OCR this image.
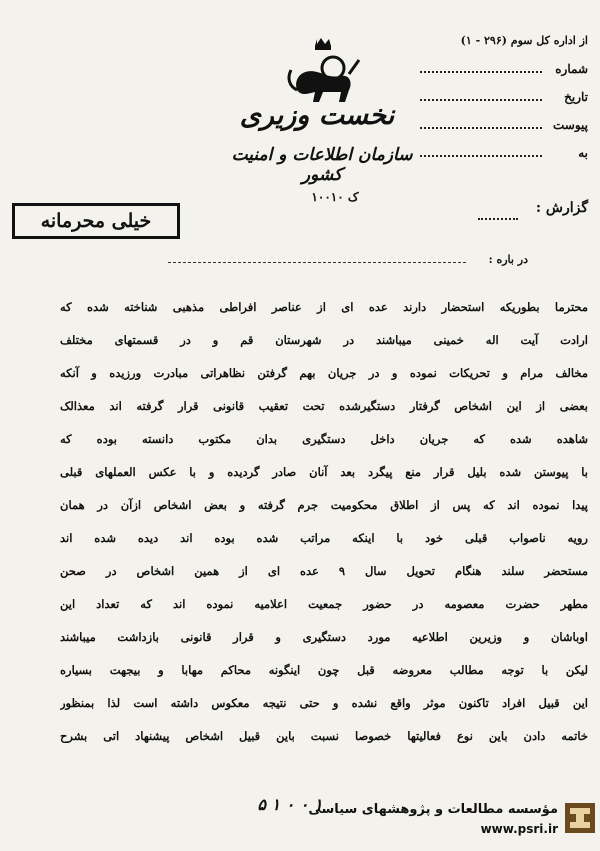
از اداره کل سوم (۲۹۶ - ۱)
شماره
تاریخ
پیوست
به
نخست وزیری
سازمان اطلاعات و امنیت کشور
۱۰۰۱۰ ک
خیلی محرمانه
گزارش :
در باره :
محترما بطوریکه استحضار دارند عده ای از عناصر افراطی مذهبی شناخته شده که
ارادت آیت اله خمینی میباشند در شهرستان قم و در قسمتهای مختلف
مخالف مرام و تحریکات نموده و در جریان بهم گرفتن نظاهراتی مبادرت ورزیده و آنکه
بعضی از این اشخاص گرفتار دستگیرشده تحت تعقیب قانونی قرار گرفته اند معذالک
شاهده شده که جریان داخل دستگیری بدان مکتوب دانسته بوده که
با پیوستن شده بلیل قرار منع پیگرد بعد آنان صادر گردیده و با عکس العملهای قبلی
پیدا نموده اند که پس از اطلاق محکومیت جرم گرفته و بعض اشخاص ازآن در همان
رویه ناصواب قبلی خود با اینکه مراتب شده بوده اند دیده شده اند
مستحضر سلند هنگام تحویل سال ۹ عده ای از همین اشخاص در صحن
مطهر حضرت معصومه در حضور جمعیت اعلامیه نموده اند که تعداد این
اوباشان و وزیرین اطلاعیه مورد دستگیری و قرار قانونی بازداشت میباشند
لیکن با توجه مطالب معروضه قبل چون اینگونه محاکم مهابا و بیجهت بسیاره
این قبیل افراد تاکنون موثر واقع نشده و حتی نتیجه معکوس داشته است لذا بمنظور
خاتمه دادن باین نوع فعالیتها خصوصا نسبت باین قبیل اشخاص پیشنهاد اتی بشرح
۵ ۱ ۰ ۰ ۱
مؤسسه مطالعات و پژوهشهای سیاسی
www.psri.ir
